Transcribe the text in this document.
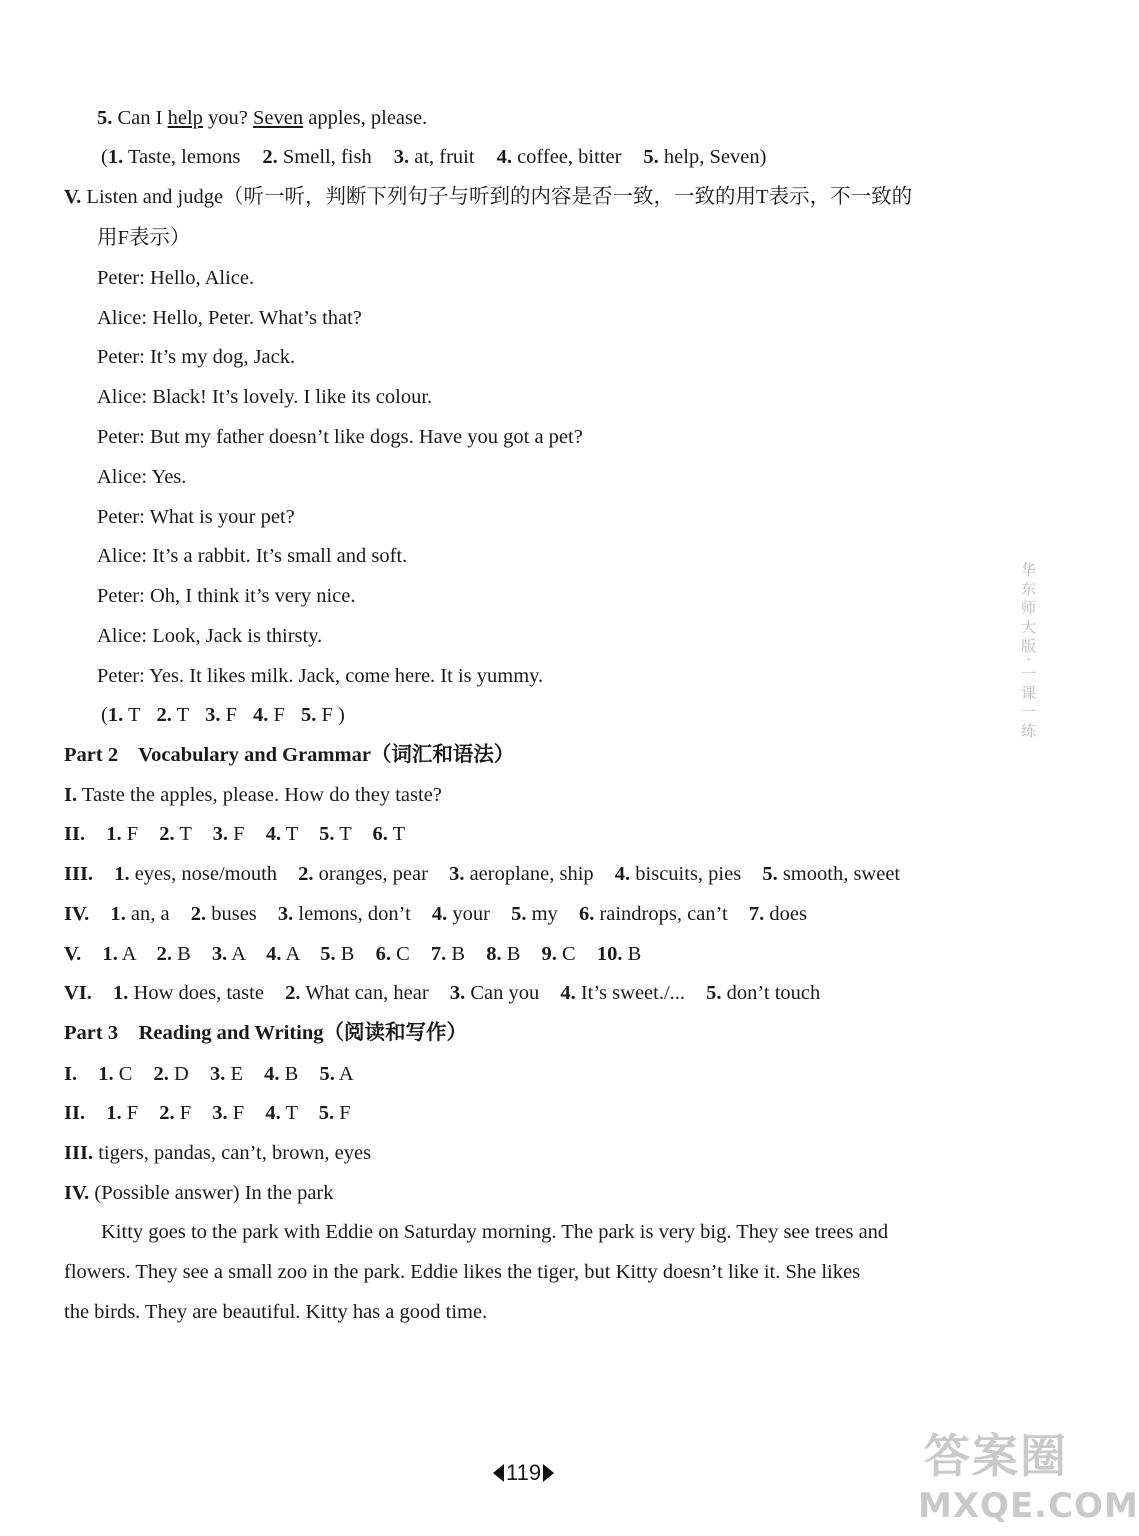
5. Can I help you? Seven apples, please.
(1. Taste, lemons 2. Smell, fish 3. at, fruit 4. coffee, bitter 5. help, Seven)
V. Listen and judge（听一听，判断下列句子与听到的内容是否一致，一致的用T表示，不一致的
用F表示）
Peter: Hello, Alice.
Alice: Hello, Peter. What’s that?
Peter: It’s my dog, Jack.
Alice: Black! It’s lovely. I like its colour.
Peter: But my father doesn’t like dogs. Have you got a pet?
Alice: Yes.
Peter: What is your pet?
Alice: It’s a rabbit. It’s small and soft.
Peter: Oh, I think it’s very nice.
Alice: Look, Jack is thirsty.
Peter: Yes. It likes milk. Jack, come here. It is yummy.
(1. T 2. T 3. F 4. F 5. F )
Part 2    Vocabulary and Grammar（词汇和语法）
I. Taste the apples, please. How do they taste?
II. 1. F 2. T 3. F 4. T 5. T 6. T
III. 1. eyes, nose/mouth 2. oranges, pear 3. aeroplane, ship 4. biscuits, pies 5. smooth, sweet
IV. 1. an, a 2. buses 3. lemons, don’t 4. your 5. my 6. raindrops, can’t 7. does
V. 1. A 2. B 3. A 4. A 5. B 6. C 7. B 8. B 9. C 10. B
VI. 1. How does, taste 2. What can, hear 3. Can you 4. It’s sweet./... 5. don’t touch
Part 3    Reading and Writing（阅读和写作）
I. 1. C 2. D 3. E 4. B 5. A
II. 1. F 2. F 3. F 4. T 5. F
III. tigers, pandas, can’t, brown, eyes
IV. (Possible answer) In the park
Kitty goes to the park with Eddie on Saturday morning. The park is very big. They see trees and
flowers. They see a small zoo in the park. Eddie likes the tiger, but Kitty doesn’t like it. She likes
the birds. They are beautiful. Kitty has a good time.
华东师大版·一课一练
119	答案圈
MXQE.COM
